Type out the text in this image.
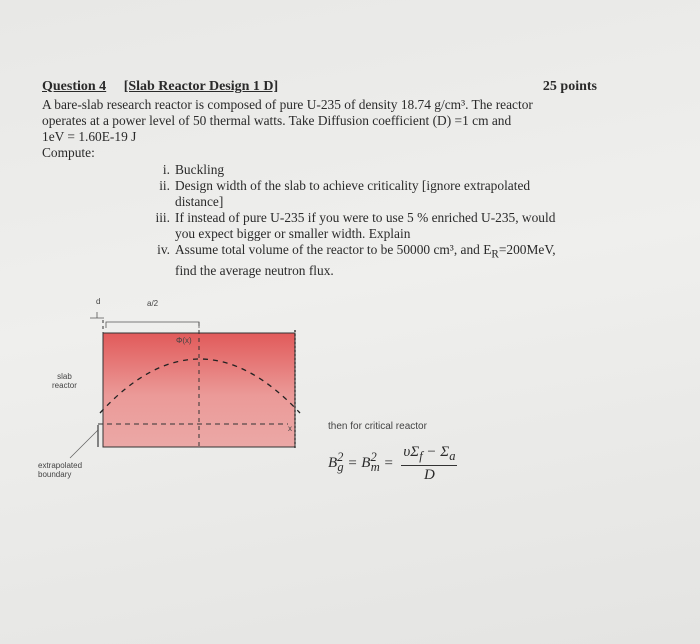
Question 4 [Slab Reactor Design 1 D]	25 points
A bare-slab research reactor is composed of pure U-235 of density 18.74 g/cm³. The reactor
operates at a power level of 50 thermal watts. Take Diffusion coefficient (D) =1 cm and
1eV = 1.60E-19 J
Compute:
i. Buckling
ii. Design width of the slab to achieve criticality [ignore extrapolated
distance]
iii. If instead of pure U-235 if you were to use 5 % enriched U-235, would
you expect bigger or smaller width. Explain
iv. Assume total volume of the reactor to be 50000 cm³, and $E_R=200MeV$,
find the average neutron flux.
d	a/2
Φ(x)
x
slab
reactor
extrapolated
boundary
then for critical reactor
$B^2_g = B^2_m = \frac{\upsilon\Sigma_f - \Sigma_a}{D}$
